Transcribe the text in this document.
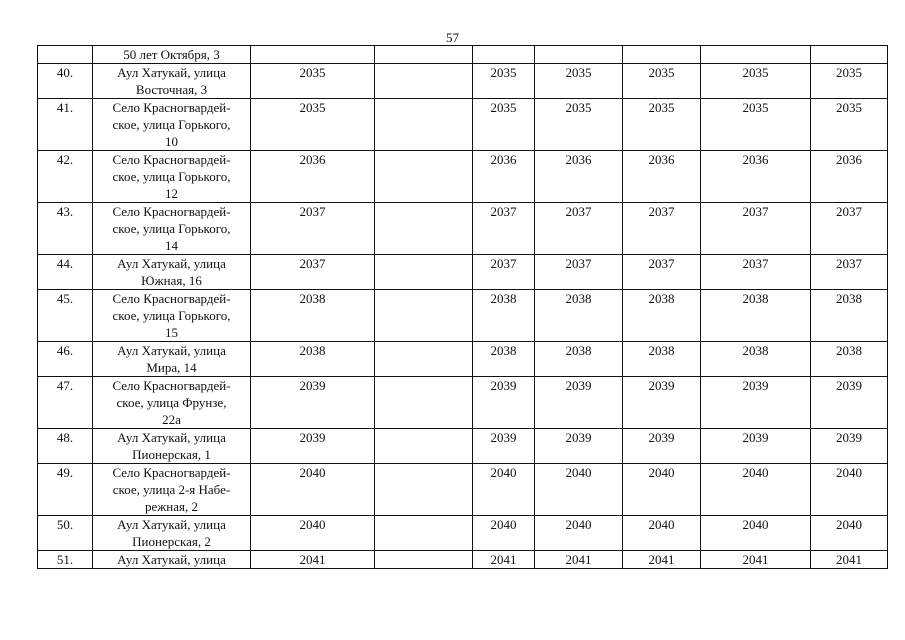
57
	50 лет Октября, 3							
40.	Аул Хатукай, улица
Восточная, 3	2035		2035	2035	2035	2035	2035
41.	Село Красногвардей-
ское, улица Горького,
10	2035		2035	2035	2035	2035	2035
42.	Село Красногвардей-
ское, улица Горького,
12	2036		2036	2036	2036	2036	2036
43.	Село Красногвардей-
ское, улица Горького,
14	2037		2037	2037	2037	2037	2037
44.	Аул Хатукай, улица
Южная, 16	2037		2037	2037	2037	2037	2037
45.	Село Красногвардей-
ское, улица Горького,
15	2038		2038	2038	2038	2038	2038
46.	Аул Хатукай, улица
Мира, 14	2038		2038	2038	2038	2038	2038
47.	Село Красногвардей-
ское, улица Фрунзе,
22а	2039		2039	2039	2039	2039	2039
48.	Аул Хатукай, улица
Пионерская, 1	2039		2039	2039	2039	2039	2039
49.	Село Красногвардей-
ское, улица 2-я Набе-
режная, 2	2040		2040	2040	2040	2040	2040
50.	Аул Хатукай, улица
Пионерская, 2	2040		2040	2040	2040	2040	2040
51.	Аул Хатукай, улица	2041		2041	2041	2041	2041	2041
